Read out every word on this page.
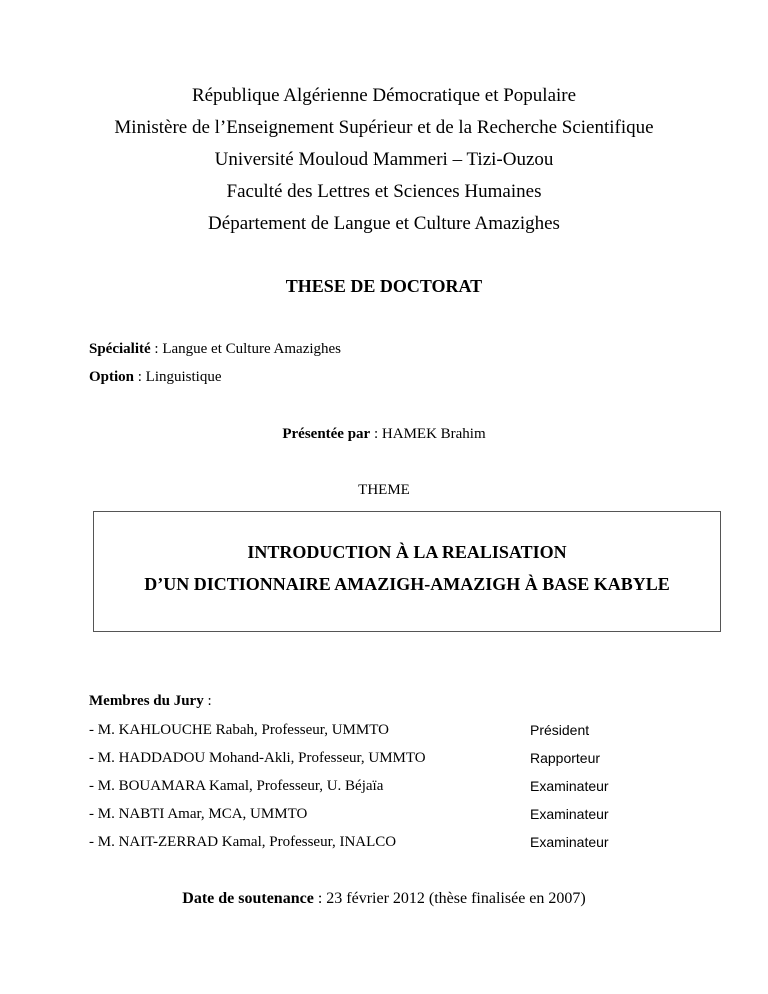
République Algérienne Démocratique et Populaire
Ministère de l’Enseignement Supérieur et de la Recherche Scientifique
Université Mouloud Mammeri – Tizi-Ouzou
Faculté des Lettres et Sciences Humaines
Département de Langue et Culture Amazighes
THESE DE DOCTORAT
Spécialité : Langue et Culture Amazighes
Option : Linguistique
Présentée par : HAMEK Brahim
THEME
INTRODUCTION À LA REALISATION
D’UN DICTIONNAIRE AMAZIGH-AMAZIGH À BASE KABYLE
Membres du Jury :
- M. KAHLOUCHE Rabah, Professeur, UMMTO	Président
- M. HADDADOU Mohand-Akli, Professeur, UMMTO	Rapporteur
- M. BOUAMARA Kamal, Professeur, U. Béjaïa	Examinateur
- M. NABTI Amar, MCA, UMMTO	Examinateur
- M. NAIT-ZERRAD Kamal, Professeur, INALCO	Examinateur
Date de soutenance : 23 février 2012 (thèse finalisée en 2007)
